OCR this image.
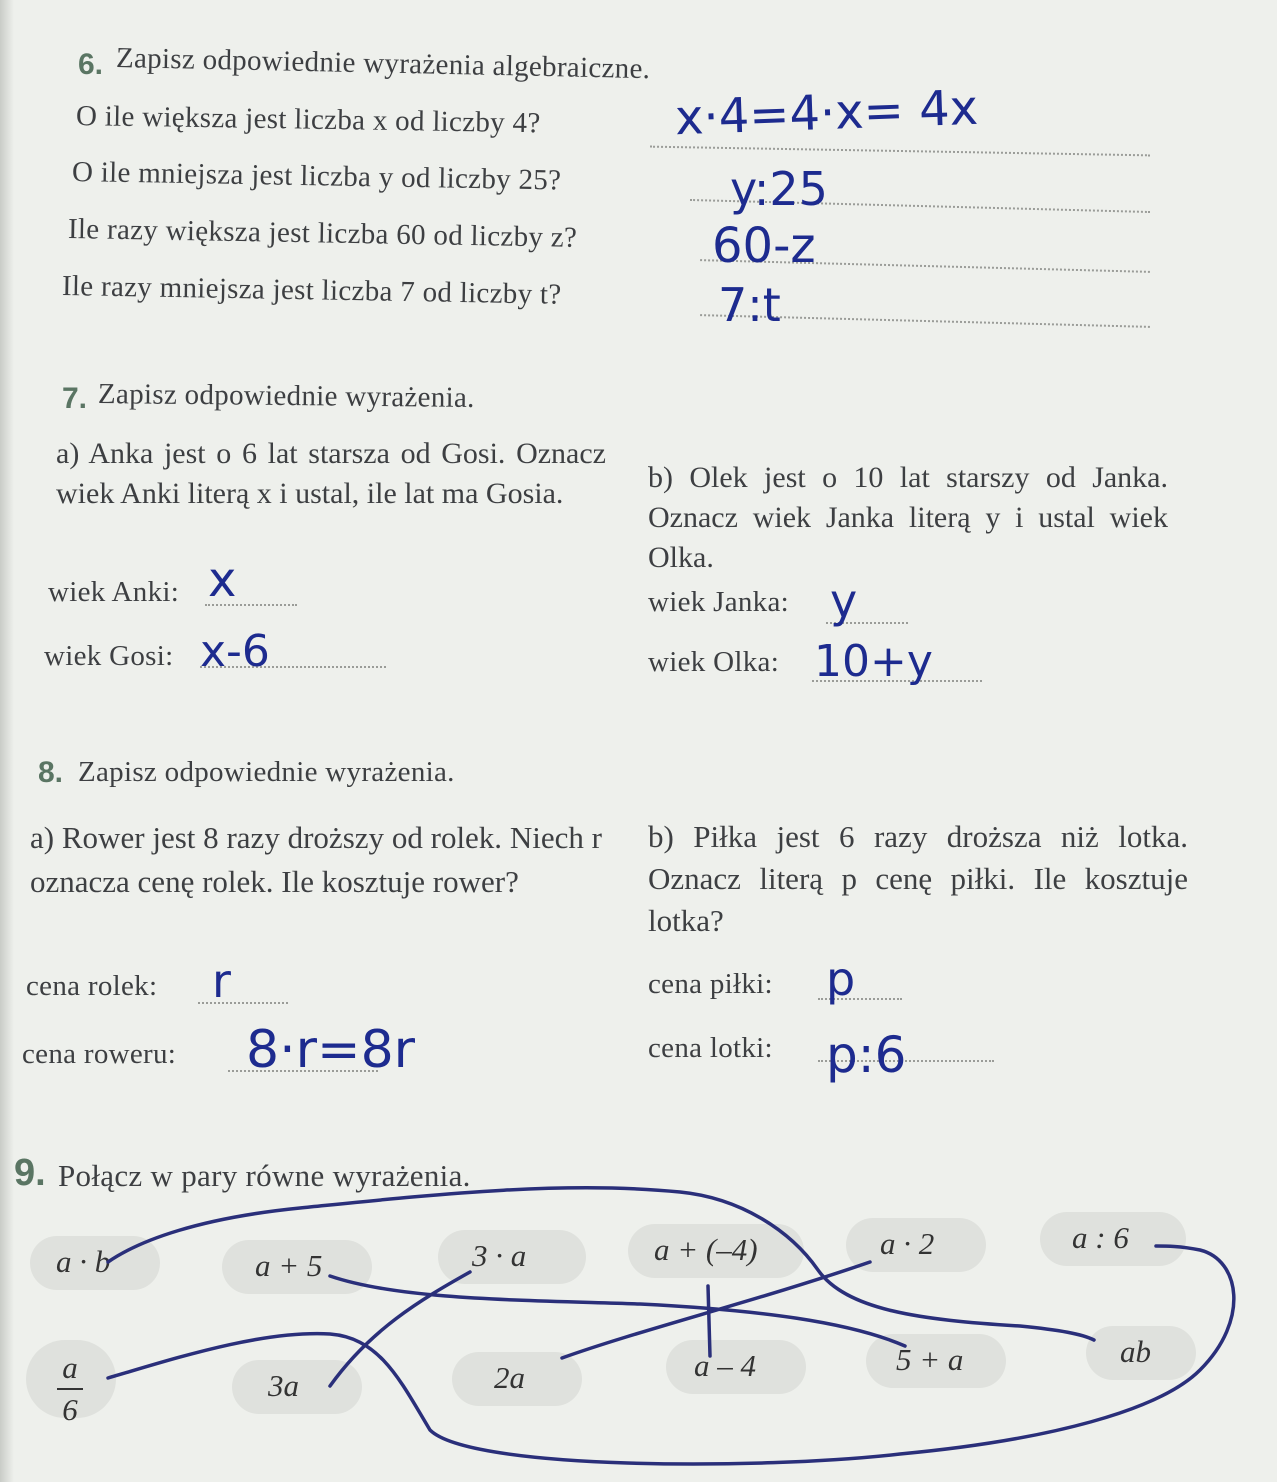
6. Zapisz odpowiednie wyrażenia algebraiczne.
O ile większa jest liczba x od liczby 4?	x·4=4·x= 4x
O ile mniejsza jest liczba y od liczby 25?	y:25
Ile razy większa jest liczba 60 od liczby z?	60-z
Ile razy mniejsza jest liczba 7 od liczby t?	7:t
7. Zapisz odpowiednie wyrażenia.
a) Anka jest o 6 lat starsza od Gosi. Oznacz wiek Anki literą x i ustal, ile lat ma Gosia.	b) Olek jest o 10 lat starszy od Janka. Oznacz wiek Janka literą y i ustal wiek Olka.
wiek Anki: x
wiek Gosi: x-6
wiek Janka: y
wiek Olka: 10+y
8. Zapisz odpowiednie wyrażenia.
a) Rower jest 8 razy droższy od rolek. Niech r oznacza cenę rolek. Ile kosztuje rower?
b) Piłka jest 6 razy droższa niż lotka. Oznacz literą p cenę piłki. Ile kosztuje lotka?
cena rolek: r
cena roweru: 8·r=8r
cena piłki: p
cena lotki: p:6
9. Połącz w pary równe wyrażenia.
a · b	a + 5	3 · a	a + (–4)	a · 2	a : 6
a
6
3a	2a	a – 4	5 + a	ab
